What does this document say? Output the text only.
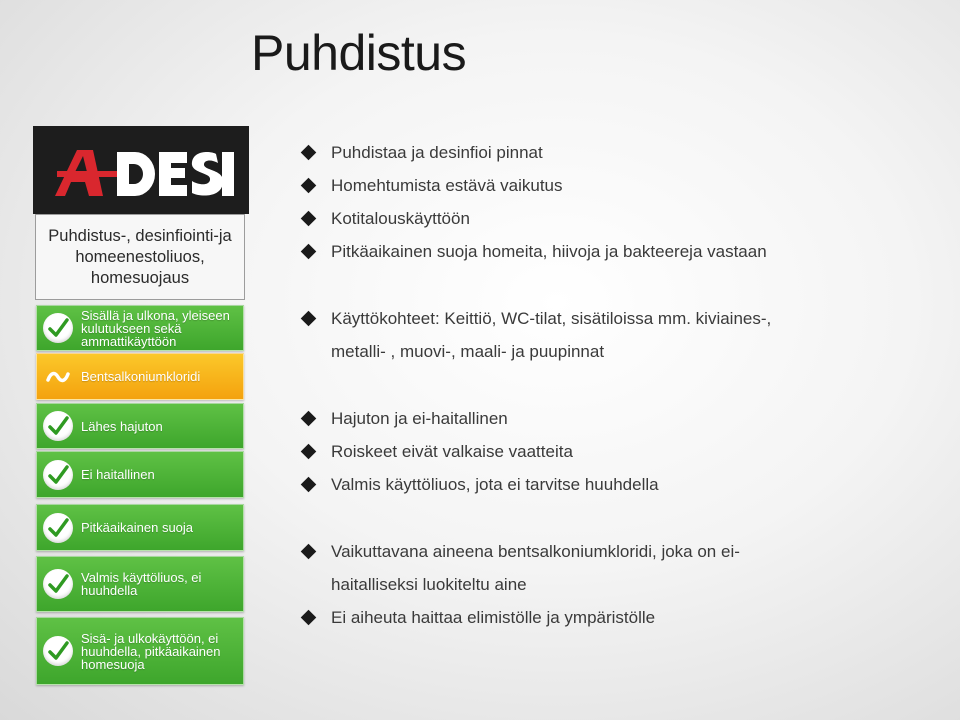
Puhdistus
Puhdistus-, desinfiointi-ja homeenestoliuos, homesuojaus
Sisällä ja ulkona, yleiseen kulutukseen sekä ammattikäyttöön
Bentsalkoniumkloridi
Lähes hajuton
Ei haitallinen
Pitkäaikainen suoja
Valmis käyttöliuos, ei huuhdella
Sisä- ja ulkokäyttöön, ei huuhdella, pitkäaikainen homesuoja
Puhdistaa ja desinfioi pinnat
Homehtumista estävä vaikutus
Kotitalouskäyttöön
Pitkäaikainen suoja homeita, hiivoja ja bakteereja vastaan
Käyttökohteet: Keittiö, WC-tilat, sisätiloissa mm. kiviaines-,
metalli- , muovi-, maali- ja puupinnat
Hajuton ja ei-haitallinen
Roiskeet eivät valkaise vaatteita
Valmis käyttöliuos, jota ei tarvitse huuhdella
Vaikuttavana aineena bentsalkoniumkloridi, joka on ei-
haitalliseksi luokiteltu aine
Ei aiheuta haittaa elimistölle ja ympäristölle
